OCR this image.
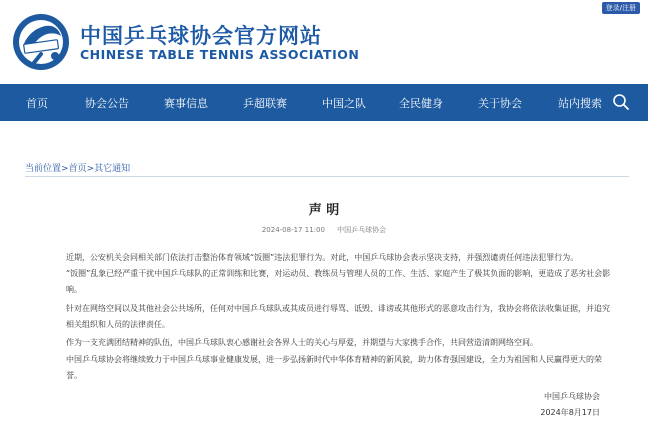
登录/注册
中国乒乓球协会官方网站
CHINESE TABLE TENNIS ASSOCIATION
首页	协会公告	赛事信息	乒超联赛	中国之队	全民健身	关于协会	站内搜索
当前位置>首页>其它通知
声 明
2024-08-17 11:00 中国乒乓球协会

近期，公安机关会同相关部门依法打击整治体育领域“饭圈”违法犯罪行为。对此，中国乒乓球协会表示坚决支持，并强烈谴责任何违法犯罪行为。

“饭圈”乱象已经严重干扰中国乒乓球队的正常训练和比赛，对运动员、教练员与管理人员的工作、生活、家庭产生了极其负面的影响，更造成了恶劣社会影响。

针对在网络空间以及其他社会公共场所，任何对中国乒乓球队或其成员进行辱骂、诋毁、诽谤或其他形式的恶意攻击行为，我协会将依法收集证据，并追究相关组织和人员的法律责任。

作为一支充满团结精神的队伍，中国乒乓球队衷心感谢社会各界人士的关心与厚爱，并期望与大家携手合作，共同营造清朗网络空间。

中国乒乓球协会将继续致力于中国乒乓球事业健康发展，进一步弘扬新时代中华体育精神的新风貌，助力体育强国建设，全力为祖国和人民赢得更大的荣誉。

中国乒乓球协会
2024年8月17日
